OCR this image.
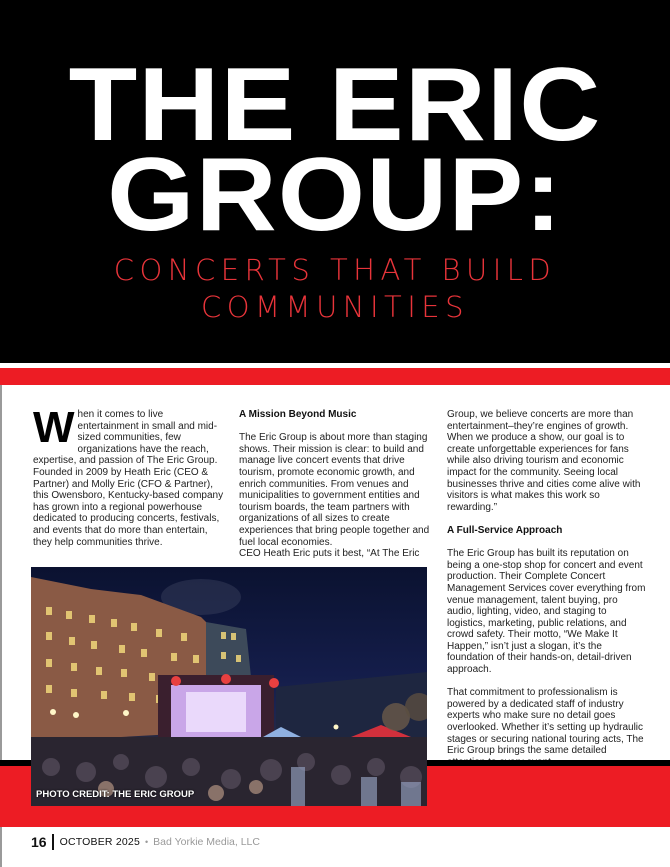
THE ERIC
GROUP:
CONCERTS THAT BUILD
COMMUNITIES

When it comes to live entertainment in small and mid-sized communities, few organizations have the reach, expertise, and passion of The Eric Group. Founded in 2009 by Heath Eric (CEO & Partner) and Molly Eric (CFO & Partner), this Owensboro, Kentucky-based company has grown into a regional powerhouse dedicated to producing concerts, festivals, and events that do more than entertain, they help communities thrive.

A Mission Beyond Music

The Eric Group is about more than staging shows. Their mission is clear: to build and manage live concert events that drive tourism, promote economic growth, and enrich communities. From venues and municipalities to government entities and tourism boards, the team partners with organizations of all sizes to create experiences that bring people together and fuel local economies.

CEO Heath Eric puts it best, “At The Eric

Group, we believe concerts are more than entertainment–they’re engines of growth. When we produce a show, our goal is to create unforgettable experiences for fans while also driving tourism and economic impact for the community. Seeing local businesses thrive and cities come alive with visitors is what makes this work so rewarding.”

A Full-Service Approach

The Eric Group has built its reputation on being a one-stop shop for concert and event production. Their Complete Concert Management Services cover everything from venue management, talent buying, pro audio, lighting, video, and staging to logistics, marketing, public relations, and crowd safety. Their motto, “We Make It Happen,” isn’t just a slogan, it’s the foundation of their hands-on, detail-driven approach.

That commitment to professionalism is powered by a dedicated staff of industry experts who make sure no detail goes overlooked. Whether it’s setting up hydraulic stages or securing national touring acts, The Eric Group brings the same detailed

PHOTO CREDIT: THE ERIC GROUP
16 OCTOBER 2025 • Bad Yorkie Media, LLC
